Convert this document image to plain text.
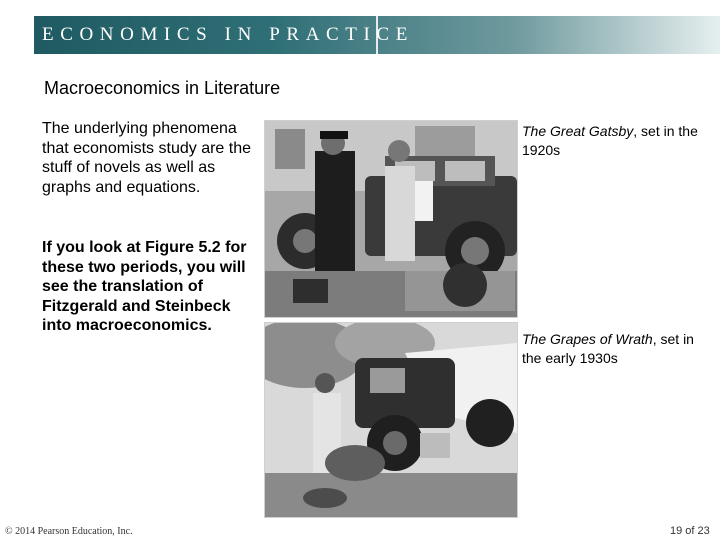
ECONOMICS IN PRACTICE
Macroeconomics in Literature
The underlying phenomena that economists study are the stuff of novels as well as graphs and equations.
If you look at Figure 5.2 for these two periods, you will see the translation of Fitzgerald and Steinbeck into macroeconomics.
The Great Gatsby, set in the 1920s
The Grapes of Wrath, set in the early 1930s
© 2014 Pearson Education, Inc.	19 of 23
